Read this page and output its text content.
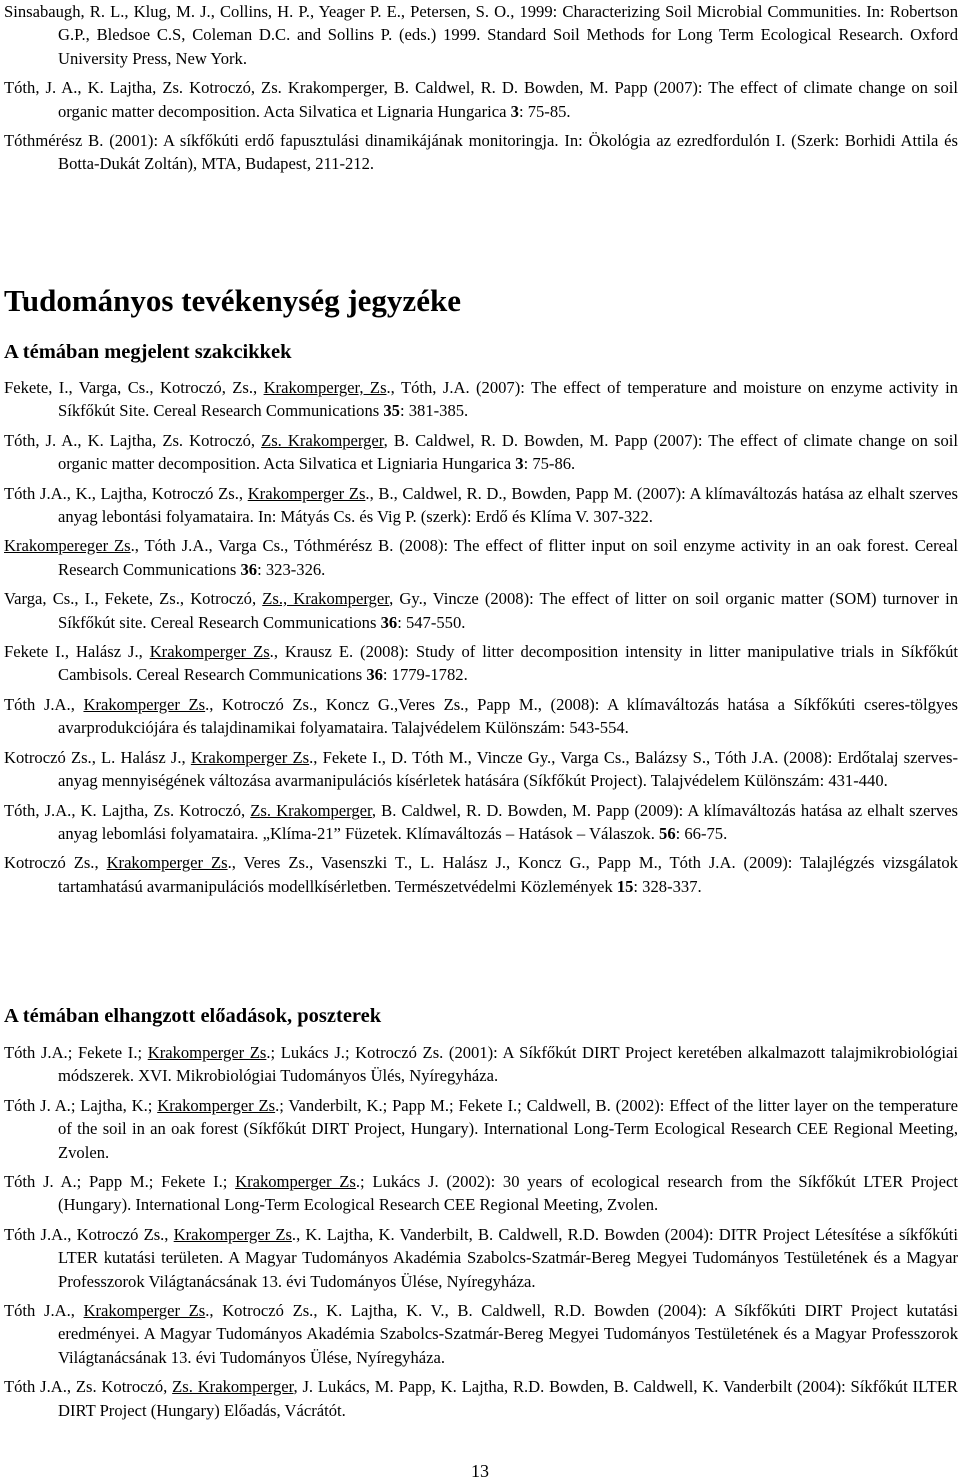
Sinsabaugh, R. L., Klug, M. J., Collins, H. P., Yeager P. E., Petersen, S. O., 1999: Characterizing Soil Microbial Communities. In: Robertson G.P., Bledsoe C.S, Coleman D.C. and Sollins P. (eds.) 1999. Standard Soil Methods for Long Term Ecological Research. Oxford University Press, New York.

Tóth, J. A., K. Lajtha, Zs. Kotroczó, Zs. Krakomperger, B. Caldwel, R. D. Bowden, M. Papp (2007): The effect of climate change on soil organic matter decomposition. Acta Silvatica et Lignaria Hungarica 3: 75-85.

Tóthmérész B. (2001): A síkfőkúti erdő fapusztulási dinamikájának monitoringja. In: Ökológia az ezredfordulón I. (Szerk: Borhidi Attila és Botta-Dukát Zoltán), MTA, Budapest, 211-212.

Tudományos tevékenység jegyzéke
A témában megjelent szakcikkek

Fekete, I., Varga, Cs., Kotroczó, Zs., Krakomperger, Zs., Tóth, J.A. (2007): The effect of temperature and moisture on enzyme activity in Síkfőkút Site. Cereal Research Communications 35: 381-385.

Tóth, J. A., K. Lajtha, Zs. Kotroczó, Zs. Krakomperger, B. Caldwel, R. D. Bowden, M. Papp (2007): The effect of climate change on soil organic matter decomposition. Acta Silvatica et Ligniaria Hungarica 3: 75-86.

Tóth J.A., K., Lajtha, Kotroczó Zs., Krakomperger Zs., B., Caldwel, R. D., Bowden, Papp M. (2007): A klímaváltozás hatása az elhalt szerves anyag lebontási folyamataira. In: Mátyás Cs. és Vig P. (szerk): Erdő és Klíma V. 307-322.

Krakompereger Zs., Tóth J.A., Varga Cs., Tóthmérész B. (2008): The effect of flitter input on soil enzyme activity in an oak forest. Cereal Research Communications 36: 323-326.

Varga, Cs., I., Fekete, Zs., Kotroczó, Zs., Krakomperger, Gy., Vincze (2008): The effect of litter on soil organic matter (SOM) turnover in Síkfőkút site. Cereal Research Communications 36: 547-550.

Fekete I., Halász J., Krakomperger Zs., Krausz E. (2008): Study of litter decomposition intensity in litter manipulative trials in Síkfőkút Cambisols. Cereal Research Communications 36: 1779-1782.

Tóth J.A., Krakomperger Zs., Kotroczó Zs., Koncz G.,Veres Zs., Papp M., (2008): A klímaváltozás hatása a Síkfőkúti cseres-tölgyes avarprodukciójára és talajdinamikai folyamataira. Talajvédelem Különszám: 543-554.

Kotroczó Zs., L. Halász J., Krakomperger Zs., Fekete I., D. Tóth M., Vincze Gy., Varga Cs., Balázsy S., Tóth J.A. (2008): Erdőtalaj szerves-anyag mennyiségének változása avarmanipulációs kísérletek hatására (Síkfőkút Project). Talajvédelem Különszám: 431-440.

Tóth, J.A., K. Lajtha, Zs. Kotroczó, Zs. Krakomperger, B. Caldwel, R. D. Bowden, M. Papp (2009): A klímaváltozás hatása az elhalt szerves anyag lebomlási folyamataira. „Klíma-21” Füzetek. Klímaváltozás – Hatások – Válaszok. 56: 66-75.

Kotroczó Zs., Krakomperger Zs., Veres Zs., Vasenszki T., L. Halász J., Koncz G., Papp M., Tóth J.A. (2009): Talajlégzés vizsgálatok tartamhatású avarmanipulációs modellkísérletben. Természetvédelmi Közlemények 15: 328-337.

A témában elhangzott előadások, poszterek

Tóth J.A.; Fekete I.; Krakomperger Zs.; Lukács J.; Kotroczó Zs. (2001): A Síkfőkút DIRT Project keretében alkalmazott talajmikrobiológiai módszerek. XVI. Mikrobiológiai Tudományos Ülés, Nyíregyháza.

Tóth J. A.; Lajtha, K.; Krakomperger Zs.; Vanderbilt, K.; Papp M.; Fekete I.; Caldwell, B. (2002): Effect of the litter layer on the temperature of the soil in an oak forest (Síkfőkút DIRT Project, Hungary). International Long-Term Ecological Research CEE Regional Meeting, Zvolen.

Tóth J. A.; Papp M.; Fekete I.; Krakomperger Zs.; Lukács J. (2002): 30 years of ecological research from the Síkfőkút LTER Project (Hungary). International Long-Term Ecological Research CEE Regional Meeting, Zvolen.

Tóth J.A., Kotroczó Zs., Krakomperger Zs., K. Lajtha, K. Vanderbilt, B. Caldwell, R.D. Bowden (2004): DITR Project Létesítése a síkfőkúti LTER kutatási területen. A Magyar Tudományos Akadémia Szabolcs-Szatmár-Bereg Megyei Tudományos Testületének és a Magyar Professzorok Világtanácsának 13. évi Tudományos Ülése, Nyíregyháza.

Tóth J.A., Krakomperger Zs., Kotroczó Zs., K. Lajtha, K. V., B. Caldwell, R.D. Bowden (2004): A Síkfőkúti DIRT Project kutatási eredményei. A Magyar Tudományos Akadémia Szabolcs-Szatmár-Bereg Megyei Tudományos Testületének és a Magyar Professzorok Világtanácsának 13. évi Tudományos Ülése, Nyíregyháza.

Tóth J.A., Zs. Kotroczó, Zs. Krakomperger, J. Lukács, M. Papp, K. Lajtha, R.D. Bowden, B. Caldwell, K. Vanderbilt (2004): Síkfőkút ILTER DIRT Project (Hungary) Előadás, Vácrátót.

13
